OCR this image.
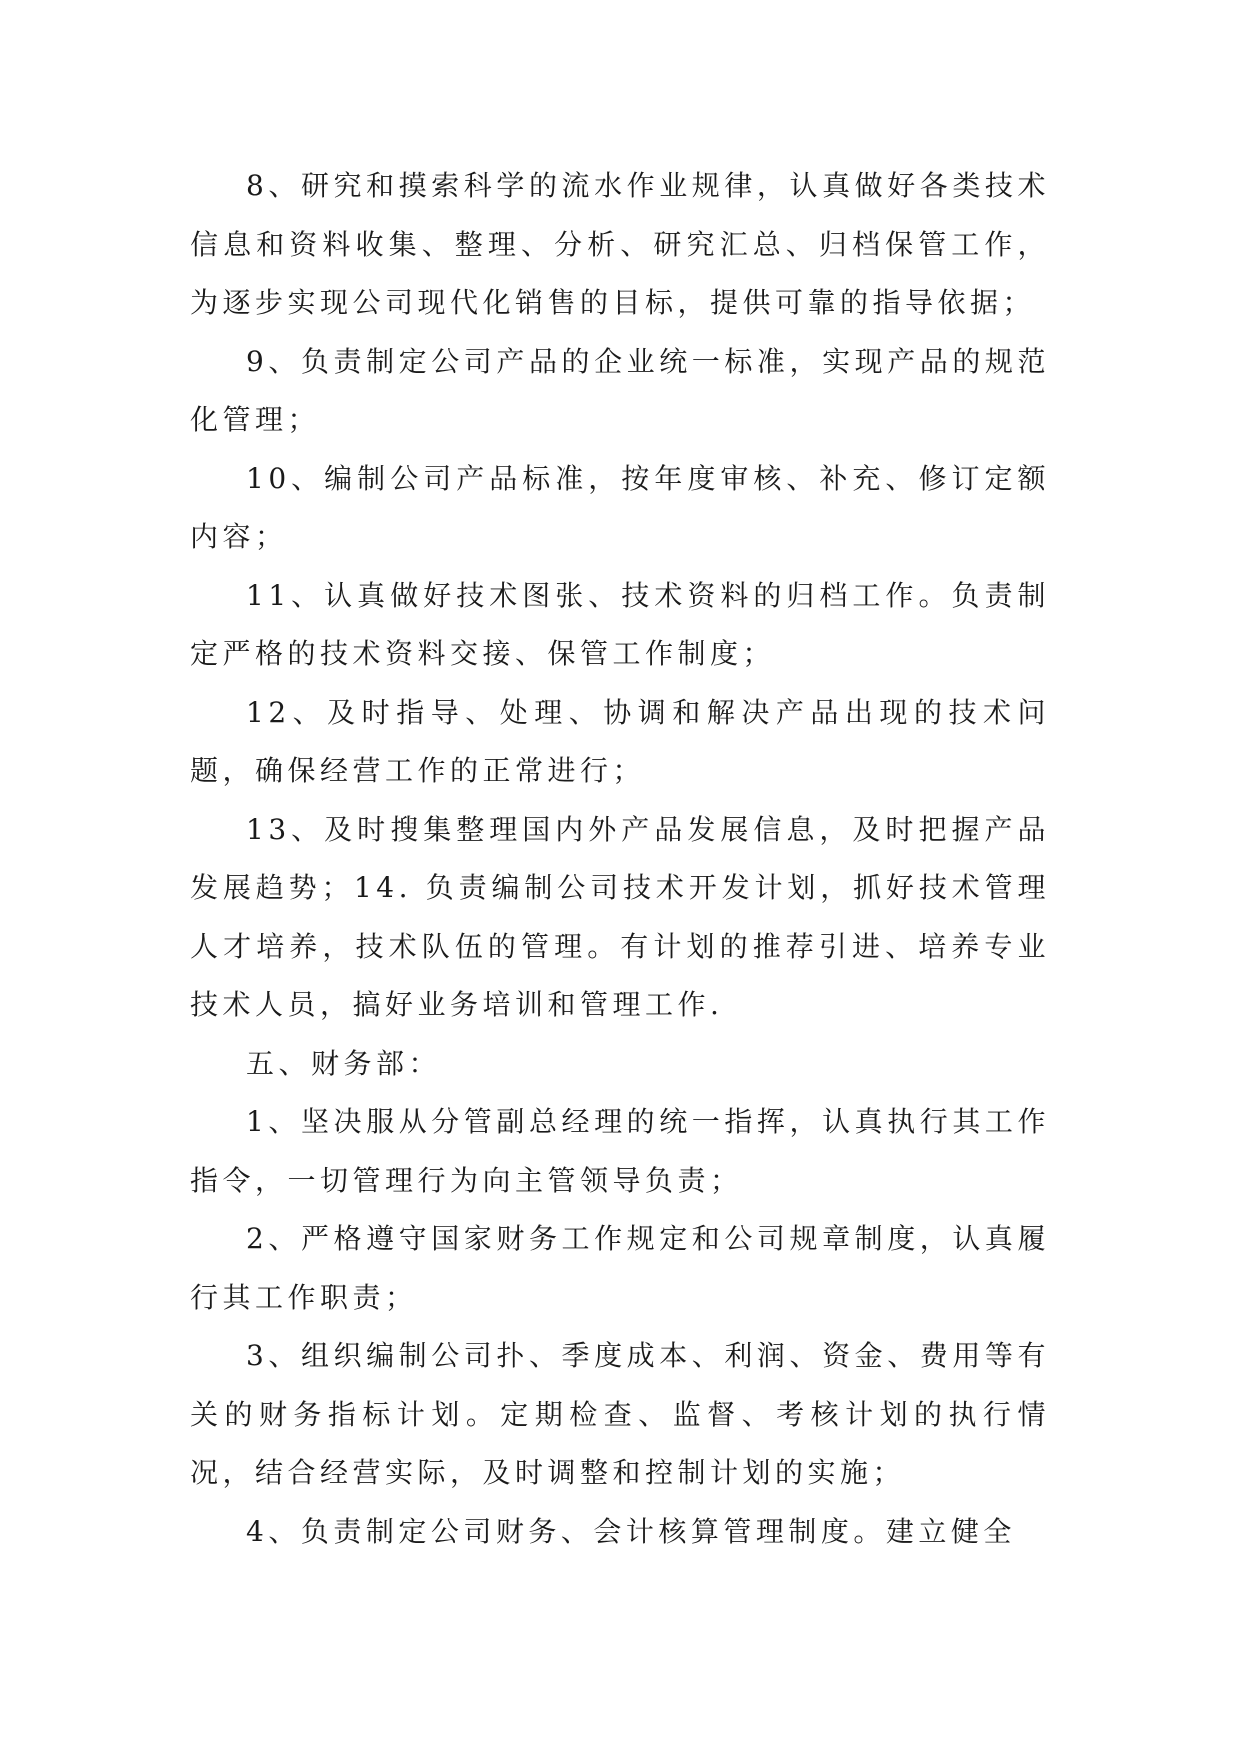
8、研究和摸索科学的流水作业规律，认真做好各类技术信息和资料收集、整理、分析、研究汇总、归档保管工作，为逐步实现公司现代化销售的目标，提供可靠的指导依据；

9、负责制定公司产品的企业统一标准，实现产品的规范化管理；

10、编制公司产品标准，按年度审核、补充、修订定额内容；

11、认真做好技术图张、技术资料的归档工作。负责制定严格的技术资料交接、保管工作制度；

12、及时指导、处理、协调和解决产品出现的技术问题，确保经营工作的正常进行；

13、及时搜集整理国内外产品发展信息，及时把握产品发展趋势；14. 负责编制公司技术开发计划，抓好技术管理人才培养，技术队伍的管理。有计划的推荐引进、培养专业技术人员，搞好业务培训和管理工作.

五、财务部：

1、坚决服从分管副总经理的统一指挥，认真执行其工作指令，一切管理行为向主管领导负责；

2、严格遵守国家财务工作规定和公司规章制度，认真履行其工作职责；

3、组织编制公司扑、季度成本、利润、资金、费用等有关的财务指标计划。定期检查、监督、考核计划的执行情况，结合经营实际，及时调整和控制计划的实施；

4、负责制定公司财务、会计核算管理制度。建立健全
